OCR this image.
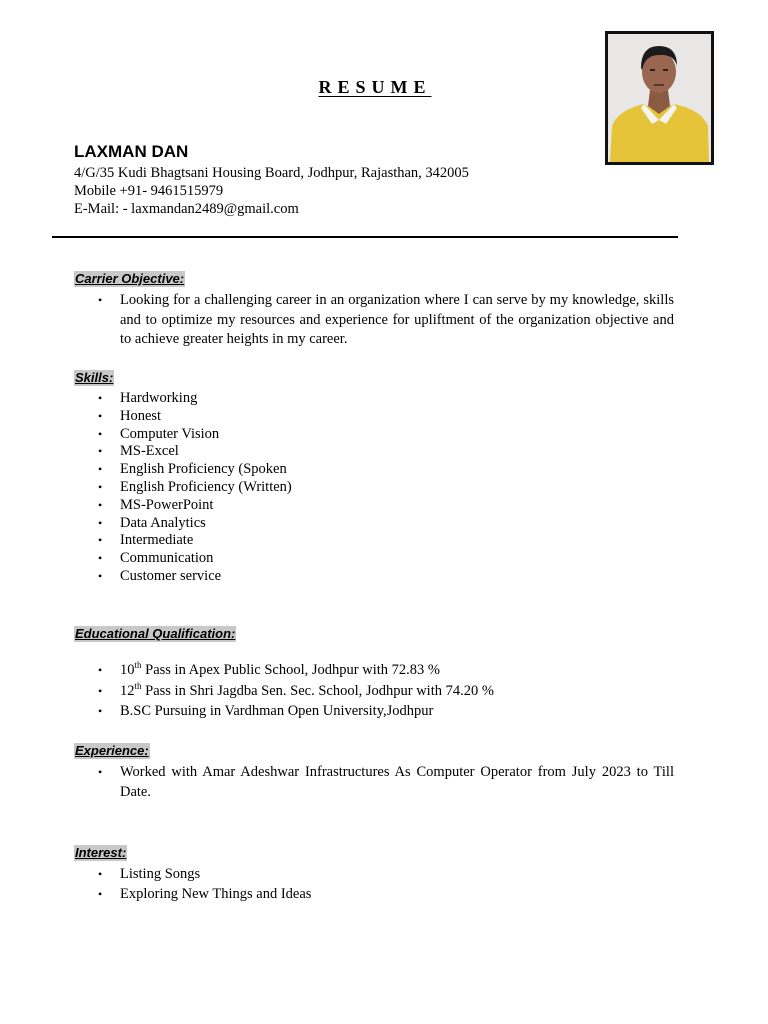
RESUME
LAXMAN DAN
4/G/35 Kudi Bhagtsani Housing Board, Jodhpur, Rajasthan, 342005
Mobile +91- 9461515979
E-Mail: - laxmandan2489@gmail.com
Carrier Objective:
• Looking for a challenging career in an organization where I can serve by my knowledge, skills and to optimize my resources and experience for upliftment of the organization objective and to achieve greater heights in my career.
Skills:
• Hardworking
• Honest
• Computer Vision
• MS-Excel
• English Proficiency (Spoken
• English Proficiency (Written)
• MS-PowerPoint
• Data Analytics
• Intermediate
• Communication
• Customer service
Educational Qualification:
• 10th Pass in Apex Public School, Jodhpur with 72.83 %
• 12th Pass in Shri Jagdba Sen. Sec. School, Jodhpur with 74.20 %
• B.SC Pursuing in Vardhman Open University,Jodhpur
Experience:
• Worked with Amar Adeshwar Infrastructures As Computer Operator from July 2023 to Till Date.
Interest:
• Listing Songs
• Exploring New Things and Ideas
